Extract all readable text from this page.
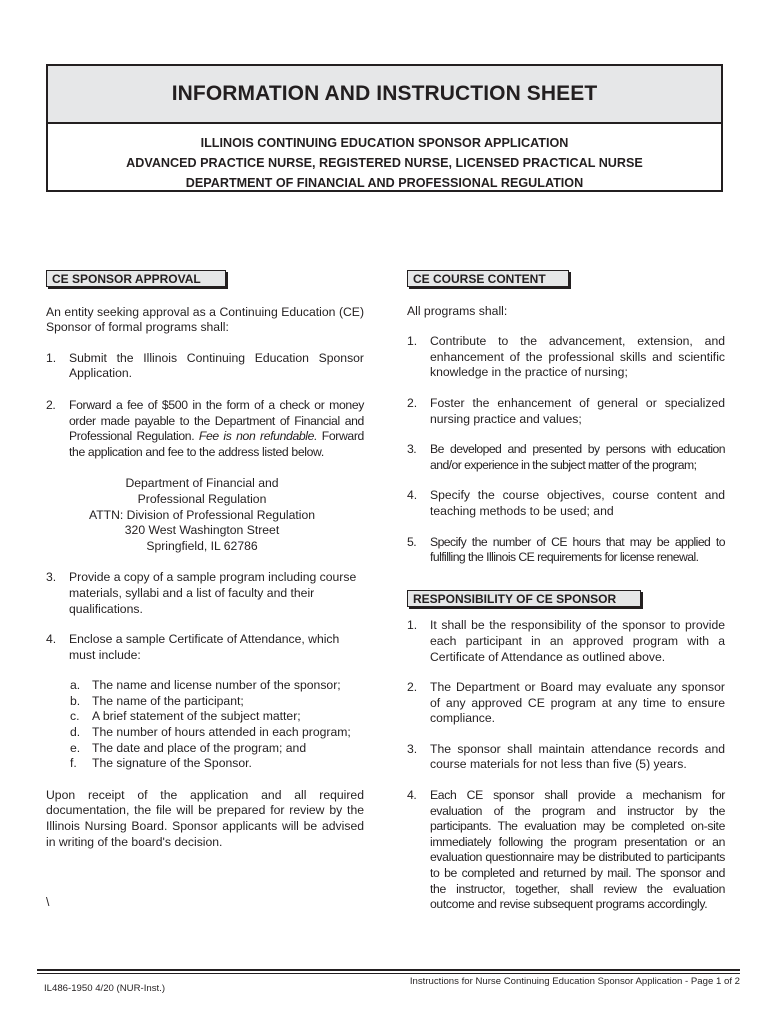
INFORMATION AND INSTRUCTION SHEET
ILLINOIS CONTINUING EDUCATION SPONSOR APPLICATION
ADVANCED PRACTICE NURSE, REGISTERED NURSE, LICENSED PRACTICAL NURSE
DEPARTMENT OF FINANCIAL AND PROFESSIONAL REGULATION
CE SPONSOR APPROVAL

An entity seeking approval as a Continuing Education (CE) Sponsor of formal programs shall:

1.	Submit the Illinois Continuing Education Sponsor Application.
2.	Forward a fee of $500 in the form of a check or money order made payable to the Department of Financial and Professional Regulation. Fee is non refundable. Forward the application and fee to the address listed below.
Department of Financial and
Professional Regulation
ATTN: Division of Professional Regulation
320 West Washington Street
Springfield, IL 62786
3.	Provide a copy of a sample program including course materials, syllabi and a list of faculty and their qualifications.
4.	Enclose a sample Certificate of Attendance, which must include:
a. The name and license number of the sponsor;
b. The name of the participant;
c.	A brief statement of the subject matter;
d. The number of hours attended in each program;
e. The date and place of the program; and
f.	The signature of the Sponsor.

Upon receipt of the application and all required documentation, the file will be prepared for review by the Illinois Nursing Board. Sponsor applicants will be advised in writing of the board's decision.

\

CE COURSE CONTENT

All programs shall:

1.	Contribute to the advancement, extension, and enhancement of the professional skills and scientific knowledge in the practice of nursing;
2.	Foster the enhancement of general or specialized nursing practice and values;
3.	Be developed and presented by persons with education and/or experience in the subject matter of the program;
4.	Specify the course objectives, course content and teaching methods to be used; and
5.	Specify the number of CE hours that may be applied to fulfilling the Illinois CE requirements for license renewal.
RESPONSIBILITY OF CE SPONSOR
1.	It shall be the responsibility of the sponsor to provide each participant in an approved program with a Certificate of Attendance as outlined above.
2.	The Department or Board may evaluate any sponsor of any approved CE program at any time to ensure compliance.
3.	The sponsor shall maintain attendance records and course materials for not less than five (5) years.
4.	Each CE sponsor shall provide a mechanism for evaluation of the program and instructor by the participants. The evaluation may be completed on-site immediately following the program presentation or an evaluation questionnaire may be distributed to participants to be completed and returned by mail. The sponsor and the instructor, together, shall review the evaluation outcome and revise subsequent programs accordingly.
IL486-1950 4/20 (NUR-Inst.)
Instructions for Nurse Continuing Education Sponsor Application - Page 1 of 2
